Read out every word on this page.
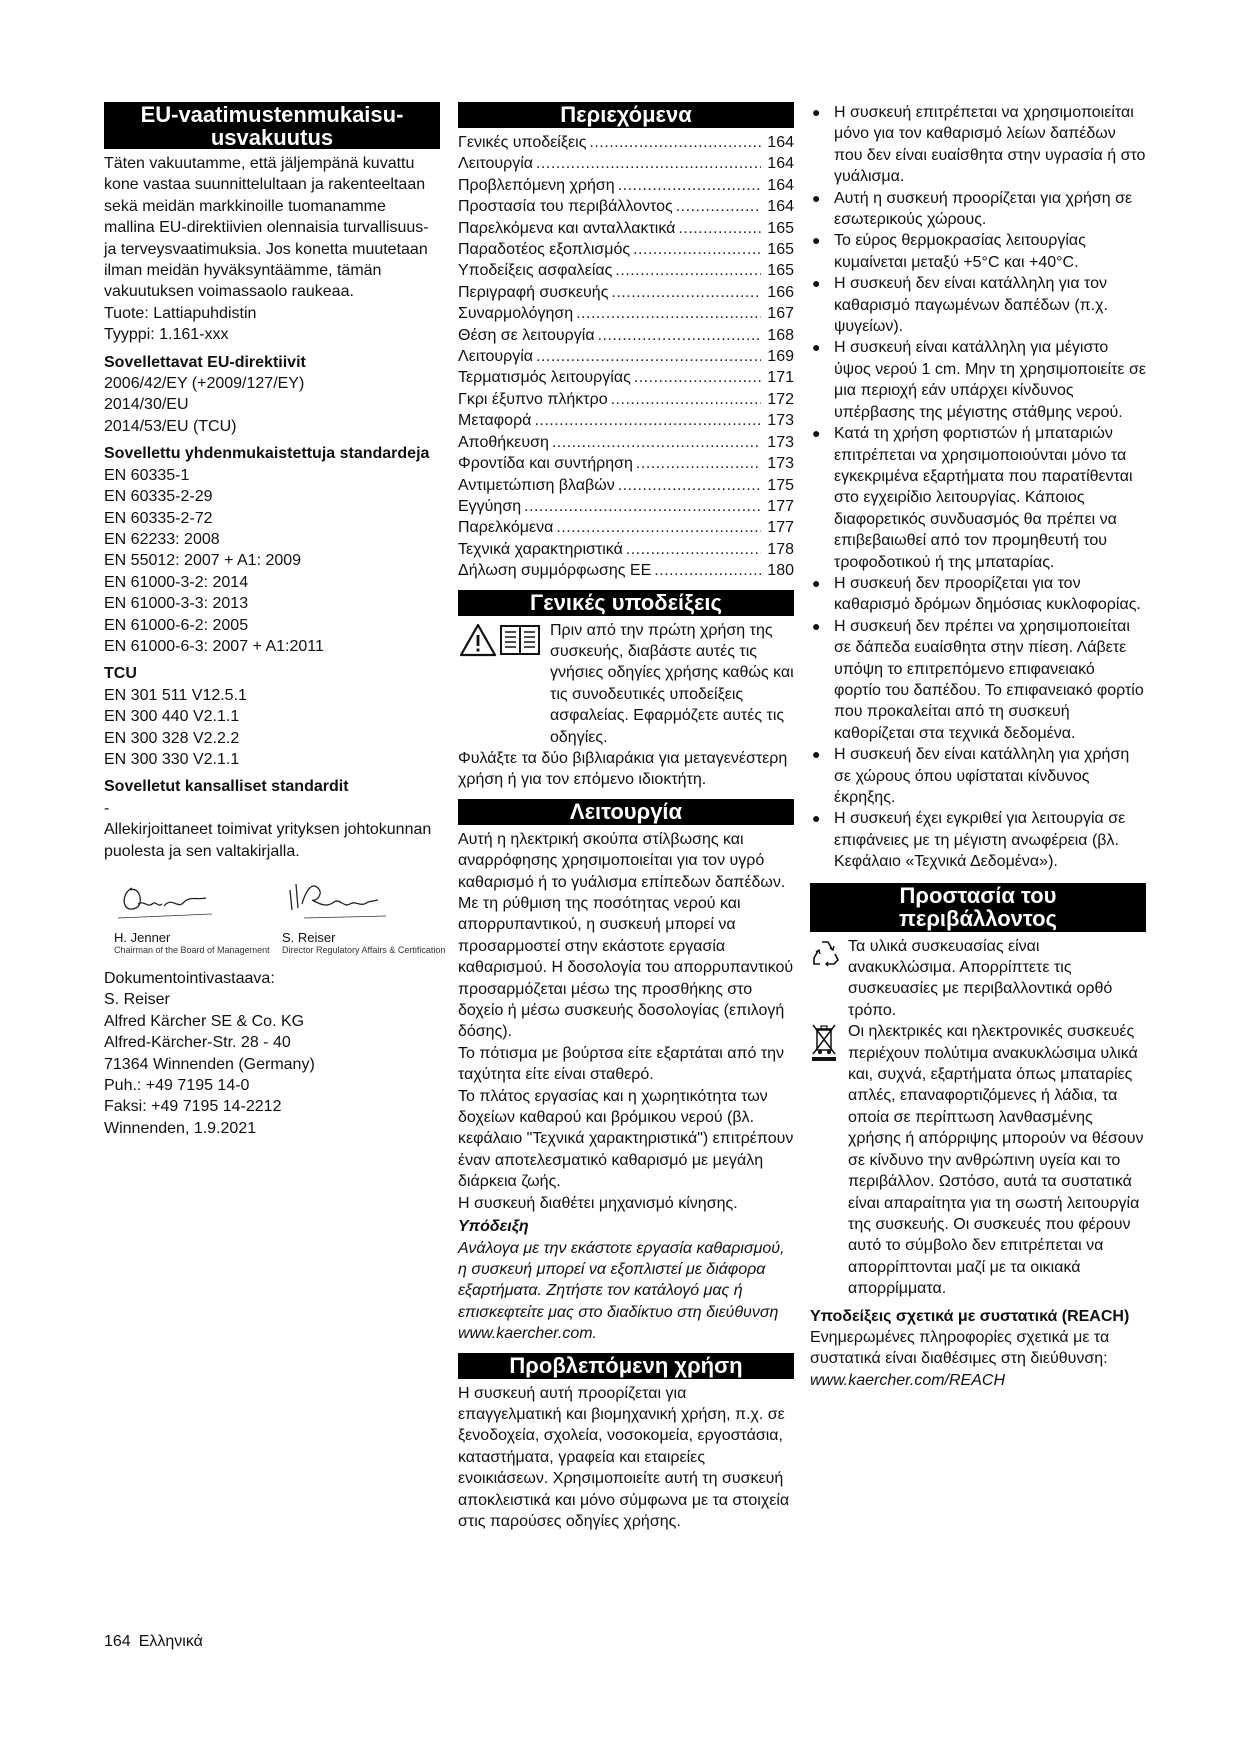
EU-vaatimustenmukaisu-
usvakuutus

Täten vakuutamme, että jäljempänä kuvattu kone vastaa suunnittelultaan ja rakenteeltaan sekä meidän markkinoille tuomanamme mallina EU-direktiivien olennaisia turvallisuus- ja terveysvaatimuksia. Jos konetta muutetaan ilman meidän hyväksyntäämme, tämän vakuutuksen voimassaolo raukeaa.

Tuote: Lattiapuhdistin

Tyyppi: 1.161-xxx

Sovellettavat EU-direktiivit

2006/42/EY (+2009/127/EY)
2014/30/EU
2014/53/EU (TCU)

Sovellettu yhdenmukaistettuja standardeja

EN 60335-1
EN 60335-2-29
EN 60335-2-72
EN 62233: 2008
EN 55012: 2007 + A1: 2009
EN 61000-3-2: 2014
EN 61000-3-3: 2013
EN 61000-6-2: 2005
EN 61000-6-3: 2007 + A1:2011

TCU

EN 301 511 V12.5.1
EN 300 440 V2.1.1
EN 300 328 V2.2.2
EN 300 330 V2.1.1

Sovelletut kansalliset standardit

-

Allekirjoittaneet toimivat yrityksen johtokunnan puolesta ja sen valtakirjalla.

H. Jenner
Chairman of the Board of Management
S. Reiser
Director Regulatory Affairs & Certification
Dokumentointivastaava:
S. Reiser
Alfred Kärcher SE & Co. KG
Alfred-Kärcher-Str. 28 - 40
71364 Winnenden (Germany)
Puh.: +49 7195 14-0
Faksi: +49 7195 14-2212
Winnenden, 1.9.2021
Περιεχόμενα
Γενικές υποδείξεις .....	164
Λειτουργία .....	164
Προβλεπόμενη χρήση .....	164
Προστασία του περιβάλλοντος .....	164
Παρελκόμενα και ανταλλακτικά .....	165
Παραδοτέος εξοπλισμός .....	165
Υποδείξεις ασφαλείας .....	165
Περιγραφή συσκευής .....	166
Συναρμολόγηση .....	167
Θέση σε λειτουργία .....	168
Λειτουργία .....	169
Τερματισμός λειτουργίας .....	171
Γκρι έξυπνο πλήκτρο .....	172
Μεταφορά .....	173
Αποθήκευση .....	173
Φροντίδα και συντήρηση .....	173
Αντιμετώπιση βλαβών .....	175
Εγγύηση .....	177
Παρελκόμενα .....	177
Τεχνικά χαρακτηριστικά .....	178
Δήλωση συμμόρφωσης ΕΕ .....	180
Γενικές υποδείξεις

Πριν από την πρώτη χρήση της συσκευής, διαβάστε αυτές τις γνήσιες οδηγίες χρήσης καθώς και τις συνοδευτικές υποδείξεις ασφαλείας. Εφαρμόζετε αυτές τις οδηγίες.

Φυλάξτε τα δύο βιβλιαράκια για μεταγενέστερη χρήση ή για τον επόμενο ιδιοκτήτη.

Λειτουργία

Αυτή η ηλεκτρική σκούπα στίλβωσης και αναρρόφησης χρησιμοποιείται για τον υγρό καθαρισμό ή το γυάλισμα επίπεδων δαπέδων.

Με τη ρύθμιση της ποσότητας νερού και απορρυπαντικού, η συσκευή μπορεί να προσαρμοστεί στην εκάστοτε εργασία καθαρισμού. Η δοσολογία του απορρυπαντικού προσαρμόζεται μέσω της προσθήκης στο δοχείο ή μέσω συσκευής δοσολογίας (επιλογή δόσης).

Το πότισμα με βούρτσα είτε εξαρτάται από την ταχύτητα είτε είναι σταθερό.

Το πλάτος εργασίας και η χωρητικότητα των δοχείων καθαρού και βρόμικου νερού (βλ. κεφάλαιο "Τεχνικά χαρακτηριστικά") επιτρέπουν έναν αποτελεσματικό καθαρισμό με μεγάλη διάρκεια ζωής.

Η συσκευή διαθέτει μηχανισμό κίνησης.

Υπόδειξη

Ανάλογα με την εκάστοτε εργασία καθαρισμού, η συσκευή μπορεί να εξοπλιστεί με διάφορα εξαρτήματα. Ζητήστε τον κατάλογό μας ή επισκεφτείτε μας στο διαδίκτυο στη διεύθυνση www.kaercher.com.

Προβλεπόμενη χρήση

Η συσκευή αυτή προορίζεται για επαγγελματική και βιομηχανική χρήση, π.χ. σε ξενοδοχεία, σχολεία, νοσοκομεία, εργοστάσια, καταστήματα, γραφεία και εταιρείες ενοικιάσεων. Χρησιμοποιείτε αυτή τη συσκευή αποκλειστικά και μόνο σύμφωνα με τα στοιχεία στις παρούσες οδηγίες χρήσης.

● Η συσκευή επιτρέπεται να χρησιμοποιείται μόνο για τον καθαρισμό λείων δαπέδων που δεν είναι ευαίσθητα στην υγρασία ή στο γυάλισμα.
● Αυτή η συσκευή προορίζεται για χρήση σε εσωτερικούς χώρους.
● Το εύρος θερμοκρασίας λειτουργίας κυμαίνεται μεταξύ +5°C και +40°C.
● Η συσκευή δεν είναι κατάλληλη για τον καθαρισμό παγωμένων δαπέδων (π.χ. ψυγείων).
● Η συσκευή είναι κατάλληλη για μέγιστο ύψος νερού 1 cm. Μην τη χρησιμοποιείτε σε μια περιοχή εάν υπάρχει κίνδυνος υπέρβασης της μέγιστης στάθμης νερού.
● Κατά τη χρήση φορτιστών ή μπαταριών επιτρέπεται να χρησιμοποιούνται μόνο τα εγκεκριμένα εξαρτήματα που παρατίθενται στο εγχειρίδιο λειτουργίας. Κάποιος διαφορετικός συνδυασμός θα πρέπει να επιβεβαιωθεί από τον προμηθευτή του τροφοδοτικού ή της μπαταρίας.
● Η συσκευή δεν προορίζεται για τον καθαρισμό δρόμων δημόσιας κυκλοφορίας.
● Η συσκευή δεν πρέπει να χρησιμοποιείται σε δάπεδα ευαίσθητα στην πίεση. Λάβετε υπόψη το επιτρεπόμενο επιφανειακό φορτίο του δαπέδου. Το επιφανειακό φορτίο που προκαλείται από τη συσκευή καθορίζεται στα τεχνικά δεδομένα.
● Η συσκευή δεν είναι κατάλληλη για χρήση σε χώρους όπου υφίσταται κίνδυνος έκρηξης.
● Η συσκευή έχει εγκριθεί για λειτουργία σε επιφάνειες με τη μέγιστη ανωφέρεια (βλ. Κεφάλαιο «Τεχνικά Δεδομένα»).
Προστασία του
περιβάλλοντος

Τα υλικά συσκευασίας είναι ανακυκλώσιμα. Απορρίπτετε τις συσκευασίες με περιβαλλοντικά ορθό τρόπο.

Οι ηλεκτρικές και ηλεκτρονικές συσκευές περιέχουν πολύτιμα ανακυκλώσιμα υλικά και, συχνά, εξαρτήματα όπως μπαταρίες απλές, επαναφορτιζόμενες ή λάδια, τα οποία σε περίπτωση λανθασμένης χρήσης ή απόρριψης μπορούν να θέσουν σε κίνδυνο την ανθρώπινη υγεία και το περιβάλλον. Ωστόσο, αυτά τα συστατικά είναι απαραίτητα για τη σωστή λειτουργία της συσκευής. Οι συσκευές που φέρουν αυτό το σύμβολο δεν επιτρέπεται να απορρίπτονται μαζί με τα οικιακά απορρίμματα.

Υποδείξεις σχετικά με συστατικά (REACH)

Ενημερωμένες πληροφορίες σχετικά με τα συστατικά είναι διαθέσιμες στη διεύθυνση:

www.kaercher.com/REACH

164 Ελληνικά
